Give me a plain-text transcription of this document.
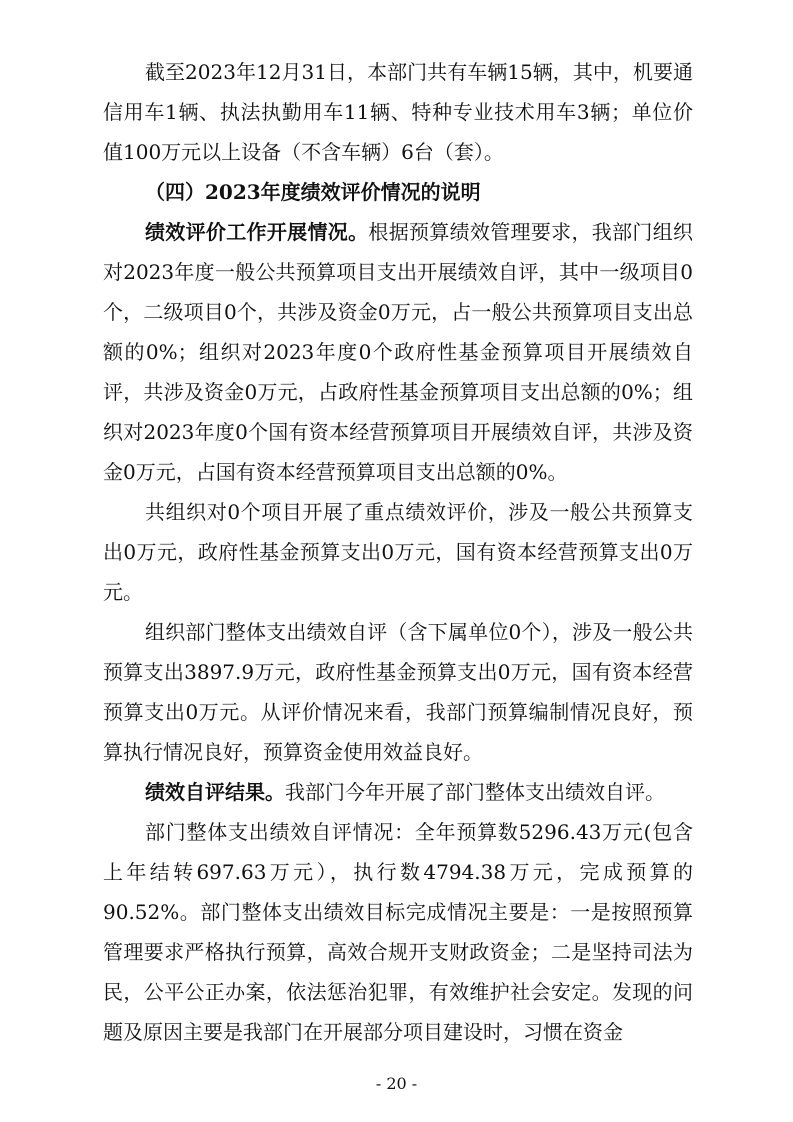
截至2023年12月31日，本部门共有车辆15辆，其中，机要通信用车1辆、执法执勤用车11辆、特种专业技术用车3辆；单位价值100万元以上设备（不含车辆）6台（套）。

（四）2023年度绩效评价情况的说明

绩效评价工作开展情况。根据预算绩效管理要求，我部门组织对2023年度一般公共预算项目支出开展绩效自评，其中一级项目0个，二级项目0个，共涉及资金0万元，占一般公共预算项目支出总额的0%；组织对2023年度0个政府性基金预算项目开展绩效自评，共涉及资金0万元，占政府性基金预算项目支出总额的0%；组织对2023年度0个国有资本经营预算项目开展绩效自评，共涉及资金0万元，占国有资本经营预算项目支出总额的0%。

共组织对0个项目开展了重点绩效评价，涉及一般公共预算支出0万元，政府性基金预算支出0万元，国有资本经营预算支出0万元。

组织部门整体支出绩效自评（含下属单位0个），涉及一般公共预算支出3897.9万元，政府性基金预算支出0万元，国有资本经营预算支出0万元。从评价情况来看，我部门预算编制情况良好，预算执行情况良好，预算资金使用效益良好。

绩效自评结果。我部门今年开展了部门整体支出绩效自评。

部门整体支出绩效自评情况：全年预算数5296.43万元(包含上年结转697.63万元），执行数4794.38万元，完成预算的90.52%。部门整体支出绩效目标完成情况主要是：一是按照预算管理要求严格执行预算，高效合规开支财政资金；二是坚持司法为民，公平公正办案，依法惩治犯罪，有效维护社会安定。发现的问题及原因主要是我部门在开展部分项目建设时，习惯在资金

- 20 -
